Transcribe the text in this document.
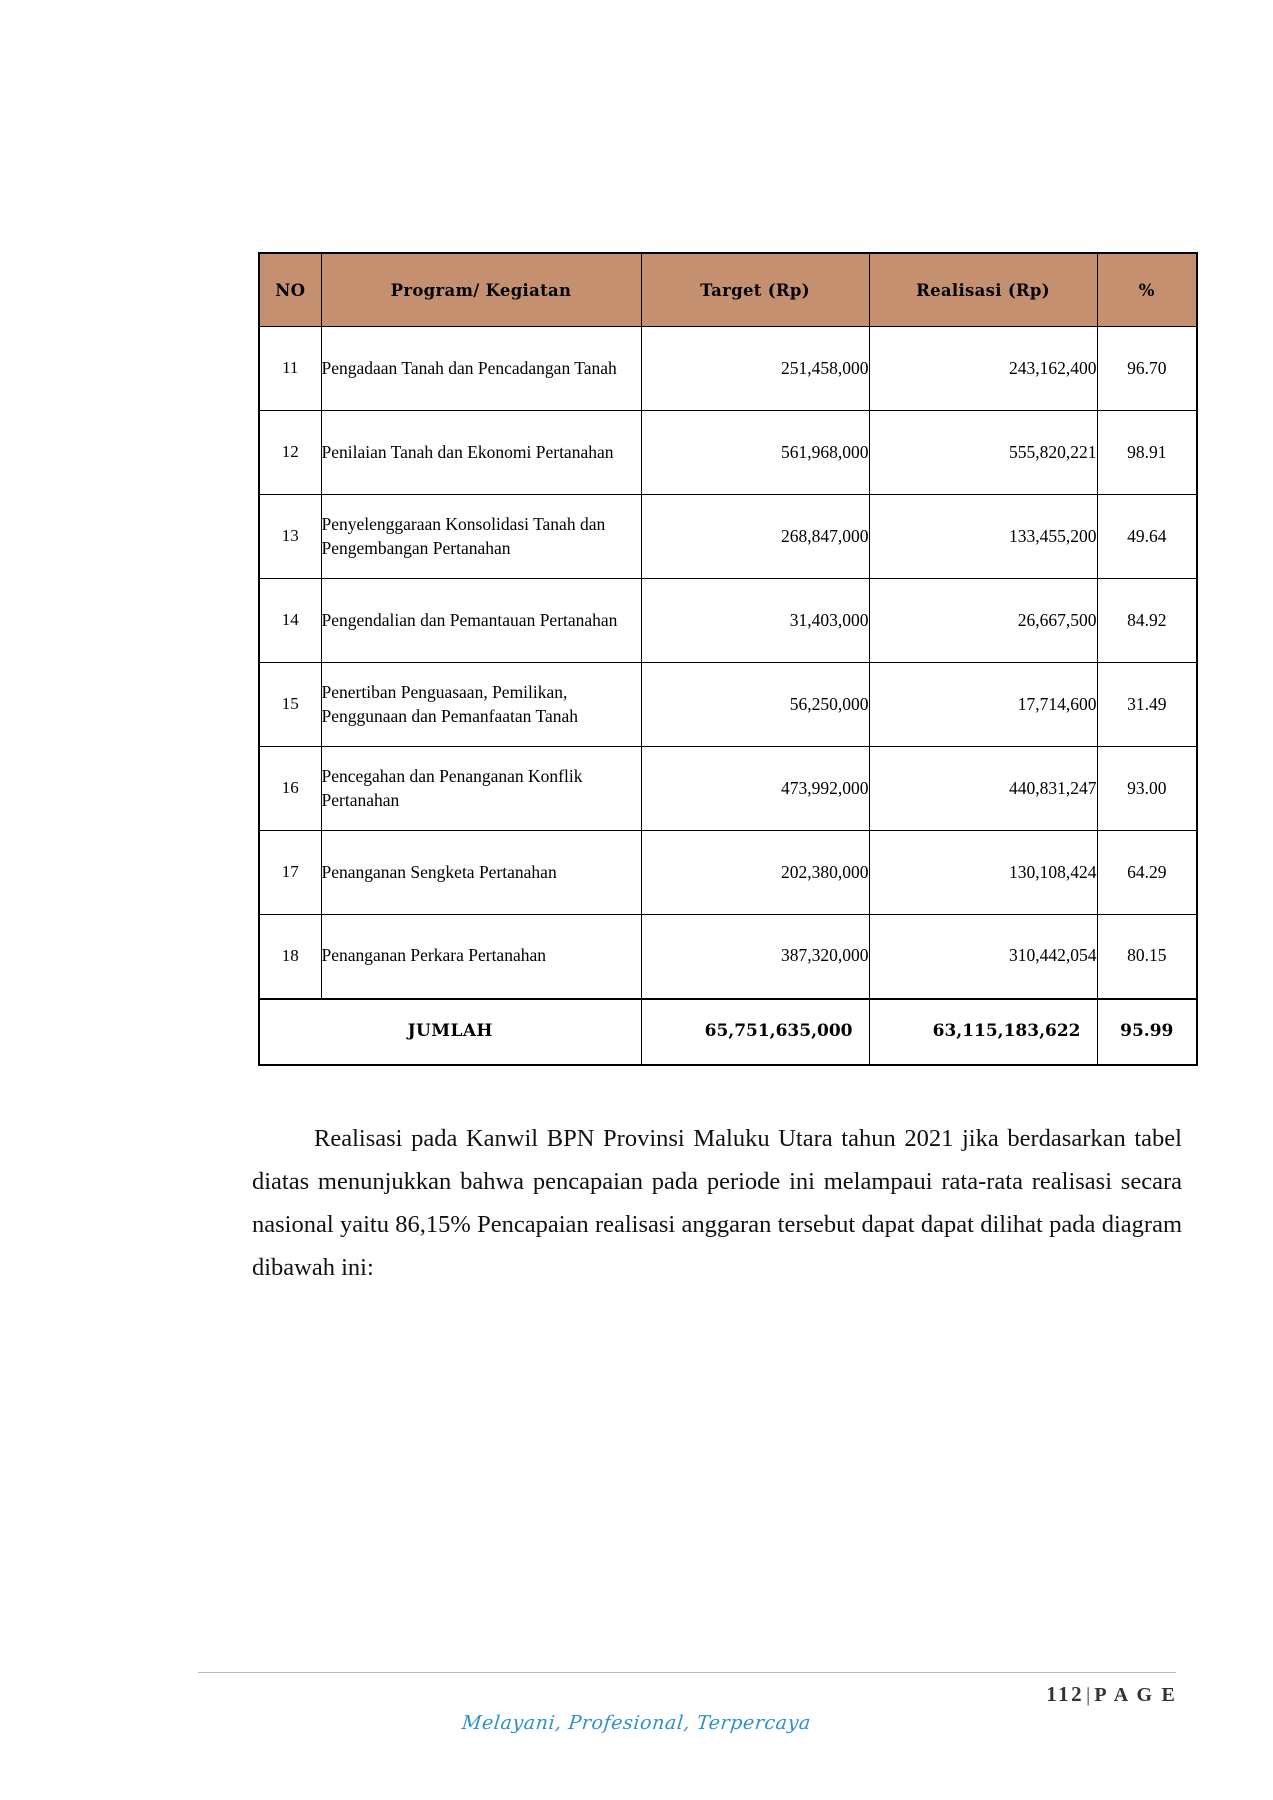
NO	Program/ Kegiatan	Target (Rp)	Realisasi (Rp)	%
11	Pengadaan Tanah dan Pencadangan Tanah	251,458,000	243,162,400	96.70
12	Penilaian Tanah dan Ekonomi Pertanahan	561,968,000	555,820,221	98.91
13	Penyelenggaraan Konsolidasi Tanah dan Pengembangan Pertanahan	268,847,000	133,455,200	49.64
14	Pengendalian dan Pemantauan Pertanahan	31,403,000	26,667,500	84.92
15	Penertiban Penguasaan, Pemilikan, Penggunaan dan Pemanfaatan Tanah	56,250,000	17,714,600	31.49
16	Pencegahan dan Penanganan Konflik Pertanahan	473,992,000	440,831,247	93.00
17	Penanganan Sengketa Pertanahan	202,380,000	130,108,424	64.29
18	Penanganan Perkara Pertanahan	387,320,000	310,442,054	80.15
JUMLAH		65,751,635,000	63,115,183,622	95.99
Realisasi pada Kanwil BPN Provinsi Maluku Utara tahun 2021 jika berdasarkan tabel diatas menunjukkan bahwa pencapaian pada periode ini melampaui rata-rata realisasi secara nasional yaitu 86,15% Pencapaian realisasi anggaran tersebut dapat dapat dilihat pada diagram dibawah ini:
112 | P A G E
Melayani, Profesional, Terpercaya
